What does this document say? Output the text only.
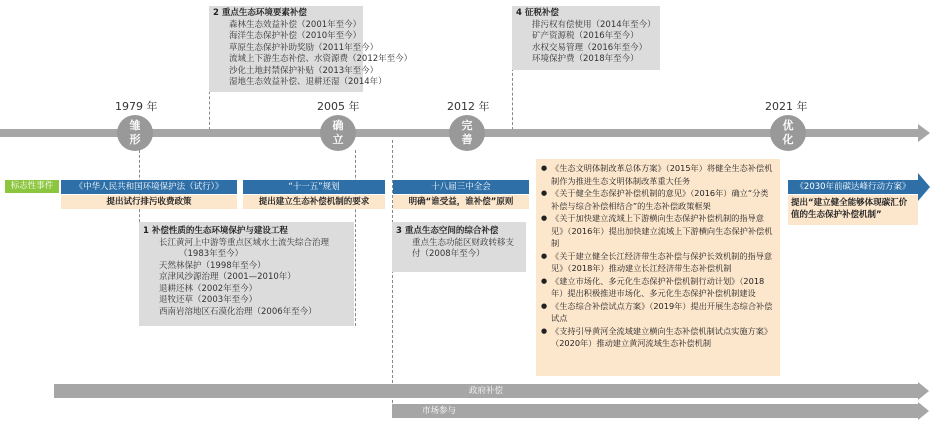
2 重点生态环境要素补偿
森林生态效益补偿（2001年至今）
海洋生态保护补偿（2010年至今）
草原生态保护补助奖励（2011年至今）
流域上下游生态补偿、水资源费（2012年至今）
沙化土地封禁保护补贴（2013年至今）
湿地生态效益补偿、退耕还湿（2014年）
4 征税补偿
排污权有偿使用（2014年至今）
矿产资源税（2016年至今）
水权交易管理（2016年至今）
环境保护费（2018年至今）
1979 年	2005 年	2012 年	2021 年
雏形
确立
完善
优化
标志性事件	《中华人民共和国环境保护法（试行）》
提出试行排污收费政策
“十一五”规划
提出建立生态补偿机制的要求
十八届三中全会
明确“谁受益，谁补偿”原则
《2030年前碳达峰行动方案》
提出“建立健全能够体现碳汇价值的生态保护补偿机制”
1 补偿性质的生态环境保护与建设工程
长江黄河上中游等重点区域水土流失综合治理
（1983年至今）
天然林保护（1998年至今）
京津风沙源治理（2001—2010年）
退耕还林（2002年至今）
退牧还草（2003年至今）
西南岩溶地区石漠化治理（2006年至今）
3 重点生态空间的综合补偿
重点生态功能区财政转移支
付（2008年至今）
● 《生态文明体制改革总体方案》（2015年）将健全生态补偿机制作为推进生态文明体制改革重大任务
● 《关于健全生态保护补偿机制的意见》（2016年）确立“分类补偿与综合补偿相结合”的生态补偿政策框架
● 《关于加快建立流域上下游横向生态保护补偿机制的指导意见》（2016年）提出加快建立流域上下游横向生态保护补偿机制
● 《关于建立健全长江经济带生态补偿与保护长效机制的指导意见》（2018年）推动建立长江经济带生态补偿机制
● 《建立市场化、多元化生态保护补偿机制行动计划》（2018年）提出积极推进市场化、多元化生态保护补偿机制建设
● 《生态综合补偿试点方案》（2019年）提出开展生态综合补偿试点
● 《支持引导黄河全流域建立横向生态补偿机制试点实施方案》（2020年）推动建立黄河流域生态补偿机制
政府补偿
市场参与
